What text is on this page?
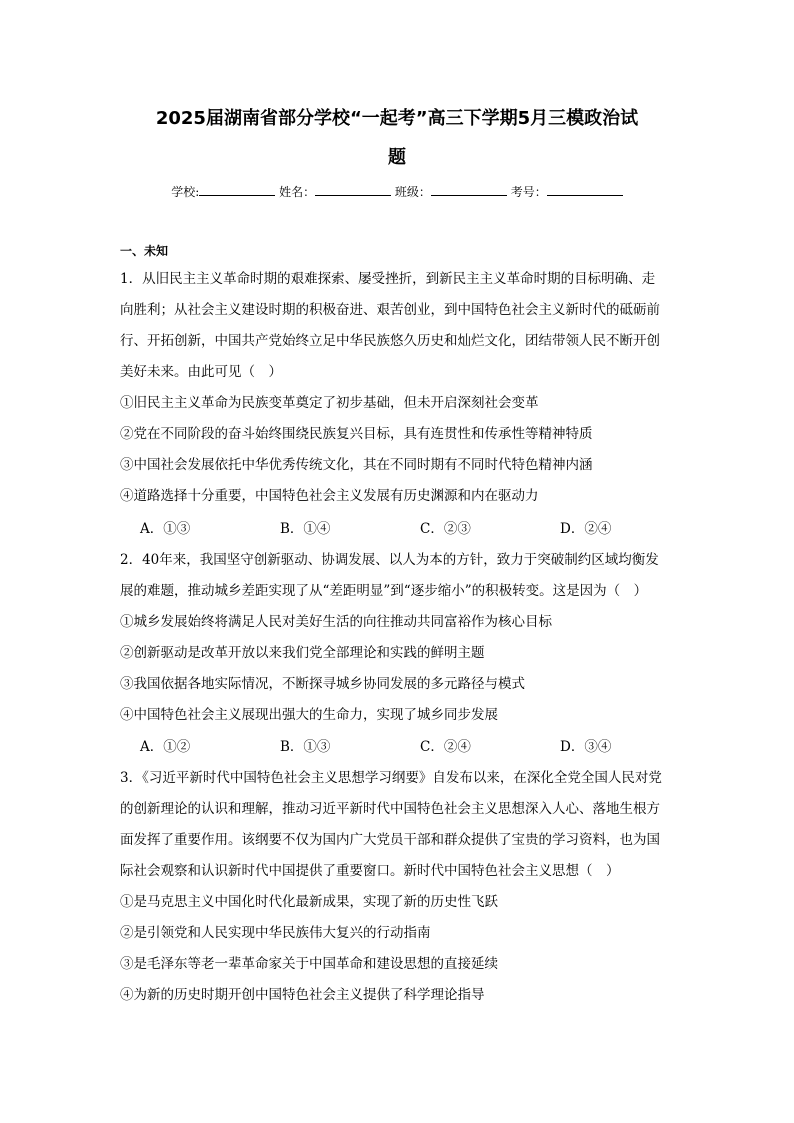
2025届湖南省部分学校“一起考”高三下学期5月三模政治试
题
学校:	姓名：	班级：	考号：
一、未知
1．从旧民主主义革命时期的艰难探索、屡受挫折，到新民主主义革命时期的目标明确、走
向胜利；从社会主义建设时期的积极奋进、艰苦创业，到中国特色社会主义新时代的砥砺前
行、开拓创新，中国共产党始终立足中华民族悠久历史和灿烂文化，团结带领人民不断开创
美好未来。由此可见（　）
①旧民主主义革命为民族变革奠定了初步基础，但未开启深刻社会变革
②党在不同阶段的奋斗始终围绕民族复兴目标，具有连贯性和传承性等精神特质
③中国社会发展依托中华优秀传统文化，其在不同时期有不同时代特色精神内涵
④道路选择十分重要，中国特色社会主义发展有历史渊源和内在驱动力
A．①③	B．①④	C．②③	D．②④
2．40年来，我国坚守创新驱动、协调发展、以人为本的方针，致力于突破制约区域均衡发
展的难题，推动城乡差距实现了从“差距明显”到“逐步缩小”的积极转变。这是因为（　）
①城乡发展始终将满足人民对美好生活的向往推动共同富裕作为核心目标
②创新驱动是改革开放以来我们党全部理论和实践的鲜明主题
③我国依据各地实际情况，不断探寻城乡协同发展的多元路径与模式
④中国特色社会主义展现出强大的生命力，实现了城乡同步发展
A．①②	B．①③	C．②④	D．③④
3．《习近平新时代中国特色社会主义思想学习纲要》自发布以来，在深化全党全国人民对党
的创新理论的认识和理解，推动习近平新时代中国特色社会主义思想深入人心、落地生根方
面发挥了重要作用。该纲要不仅为国内广大党员干部和群众提供了宝贵的学习资料，也为国
际社会观察和认识新时代中国提供了重要窗口。新时代中国特色社会主义思想（　）
①是马克思主义中国化时代化最新成果，实现了新的历史性飞跃
②是引领党和人民实现中华民族伟大复兴的行动指南
③是毛泽东等老一辈革命家关于中国革命和建设思想的直接延续
④为新的历史时期开创中国特色社会主义提供了科学理论指导
